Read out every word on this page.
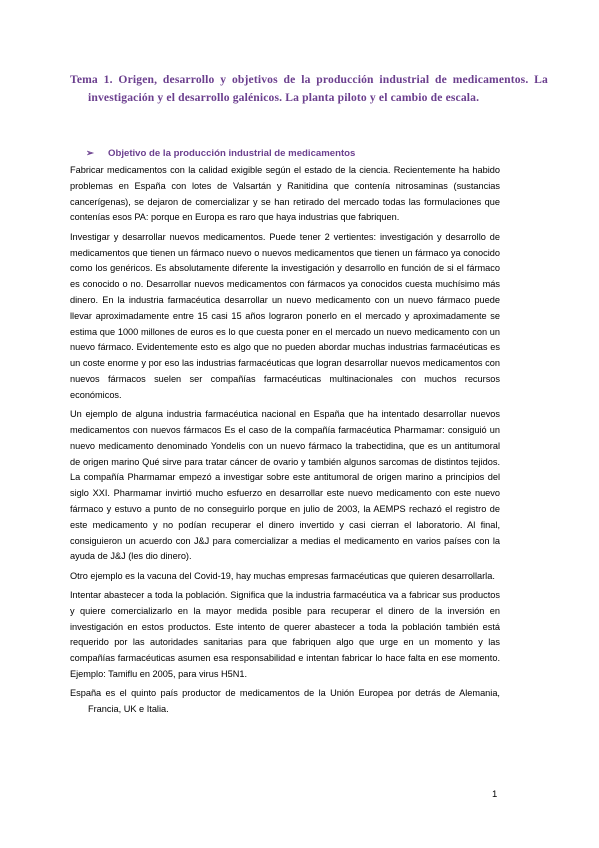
Tema 1. Origen, desarrollo y objetivos de la producción industrial de medicamentos. La investigación y el desarrollo galénicos. La planta piloto y el cambio de escala.
➢ Objetivo de la producción industrial de medicamentos

Fabricar medicamentos con la calidad exigible según el estado de la ciencia. Recientemente ha habido problemas en España con lotes de Valsartán y Ranitidina que contenía nitrosaminas (sustancias cancerígenas), se dejaron de comercializar y se han retirado del mercado todas las formulaciones que contenías esos PA: porque en Europa es raro que haya industrias que fabriquen.

Investigar y desarrollar nuevos medicamentos. Puede tener 2 vertientes: investigación y desarrollo de medicamentos que tienen un fármaco nuevo o nuevos medicamentos que tienen un fármaco ya conocido como los genéricos. Es absolutamente diferente la investigación y desarrollo en función de si el fármaco es conocido o no. Desarrollar nuevos medicamentos con fármacos ya conocidos cuesta muchísimo más dinero. En la industria farmacéutica desarrollar un nuevo medicamento con un nuevo fármaco puede llevar aproximadamente entre 15 casi 15 años lograron ponerlo en el mercado y aproximadamente se estima que 1000 millones de euros es lo que cuesta poner en el mercado un nuevo medicamento con un nuevo fármaco. Evidentemente esto es algo que no pueden abordar muchas industrias farmacéuticas es un coste enorme y por eso las industrias farmacéuticas que logran desarrollar nuevos medicamentos con nuevos fármacos suelen ser compañías farmacéuticas multinacionales con muchos recursos económicos.

Un ejemplo de alguna industria farmacéutica nacional en España que ha intentado desarrollar nuevos medicamentos con nuevos fármacos Es el caso de la compañía farmacéutica Pharmamar: consiguió un nuevo medicamento denominado Yondelis con un nuevo fármaco la trabectidina, que es un antitumoral de origen marino Qué sirve para tratar cáncer de ovario y también algunos sarcomas de distintos tejidos. La compañía Pharmamar empezó a investigar sobre este antitumoral de origen marino a principios del siglo XXI. Pharmamar invirtió mucho esfuerzo en desarrollar este nuevo medicamento con este nuevo fármaco y estuvo a punto de no conseguirlo porque en julio de 2003, la AEMPS rechazó el registro de este medicamento y no podían recuperar el dinero invertido y casi cierran el laboratorio. Al final, consiguieron un acuerdo con J&J para comercializar a medias el medicamento en varios países con la ayuda de J&J (les dio dinero).

Otro ejemplo es la vacuna del Covid-19, hay muchas empresas farmacéuticas que quieren desarrollarla.

Intentar abastecer a toda la población. Significa que la industria farmacéutica va a fabricar sus productos y quiere comercializarlo en la mayor medida posible para recuperar el dinero de la inversión en investigación en estos productos. Este intento de querer abastecer a toda la población también está requerido por las autoridades sanitarias para que fabriquen algo que urge en un momento y las compañías farmacéuticas asumen esa responsabilidad e intentan fabricar lo hace falta en ese momento. Ejemplo: Tamiflu en 2005, para virus H5N1.

España es el quinto país productor de medicamentos de la Unión Europea por detrás de Alemania, Francia, UK e Italia.

1
